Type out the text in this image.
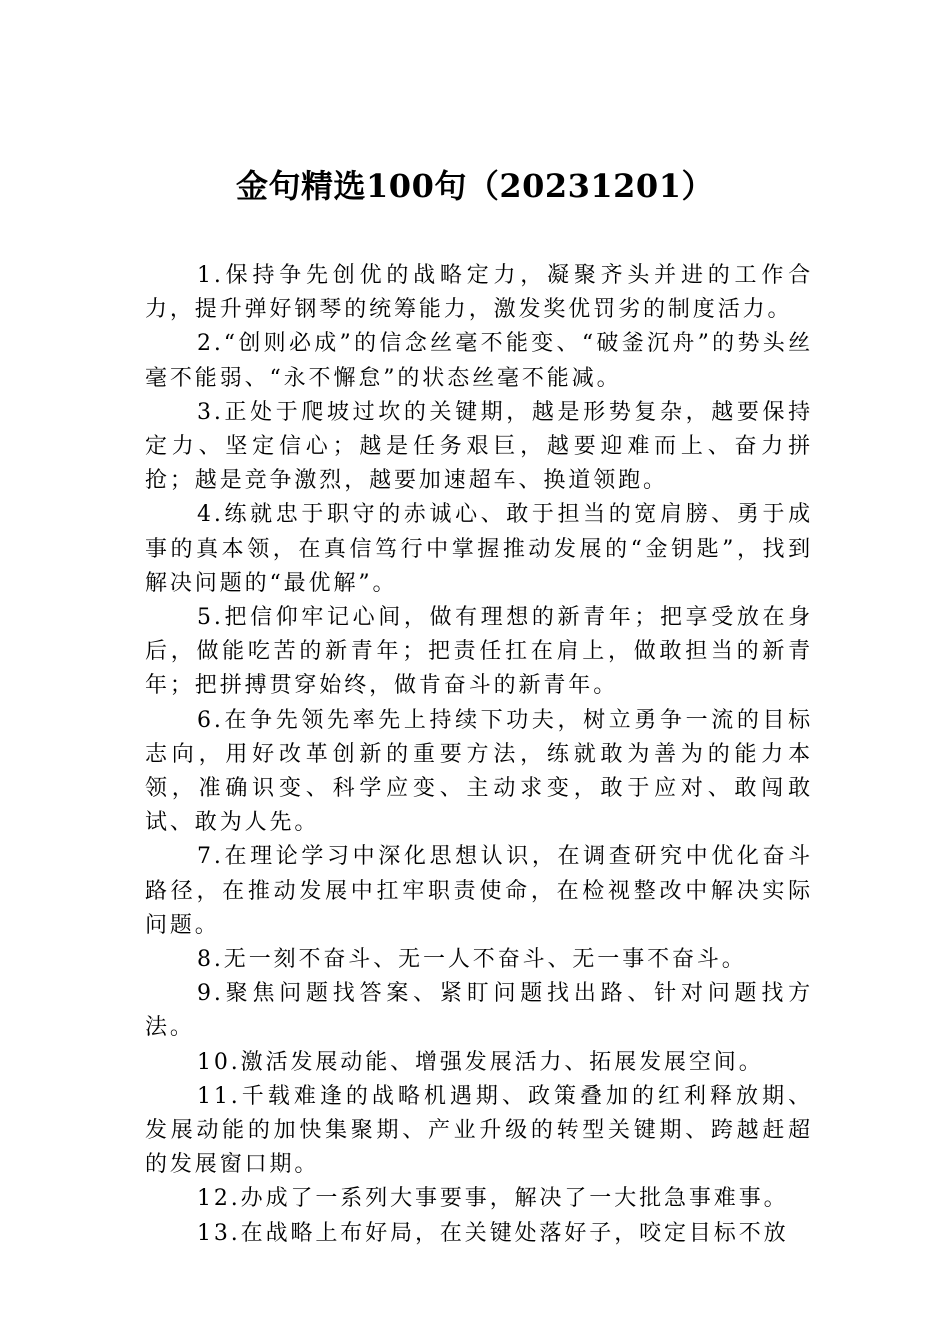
金句精选100句（20231201）

1.保持争先创优的战略定力，凝聚齐头并进的工作合力，提升弹好钢琴的统筹能力，激发奖优罚劣的制度活力。

2.“创则必成”的信念丝毫不能变、“破釜沉舟”的势头丝毫不能弱、“永不懈怠”的状态丝毫不能减。

3.正处于爬坡过坎的关键期，越是形势复杂，越要保持定力、坚定信心；越是任务艰巨，越要迎难而上、奋力拼抢；越是竞争激烈，越要加速超车、换道领跑。

4.练就忠于职守的赤诚心、敢于担当的宽肩膀、勇于成事的真本领，在真信笃行中掌握推动发展的“金钥匙”，找到解决问题的“最优解”。

5.把信仰牢记心间，做有理想的新青年；把享受放在身后，做能吃苦的新青年；把责任扛在肩上，做敢担当的新青年；把拼搏贯穿始终，做肯奋斗的新青年。

6.在争先领先率先上持续下功夫，树立勇争一流的目标志向，用好改革创新的重要方法，练就敢为善为的能力本领，准确识变、科学应变、主动求变，敢于应对、敢闯敢试、敢为人先。

7.在理论学习中深化思想认识，在调查研究中优化奋斗路径，在推动发展中扛牢职责使命，在检视整改中解决实际问题。

8.无一刻不奋斗、无一人不奋斗、无一事不奋斗。

9.聚焦问题找答案、紧盯问题找出路、针对问题找方法。

10.激活发展动能、增强发展活力、拓展发展空间。

11.千载难逢的战略机遇期、政策叠加的红利释放期、发展动能的加快集聚期、产业升级的转型关键期、跨越赶超的发展窗口期。

12.办成了一系列大事要事，解决了一大批急事难事。

13.在战略上布好局，在关键处落好子，咬定目标不放
